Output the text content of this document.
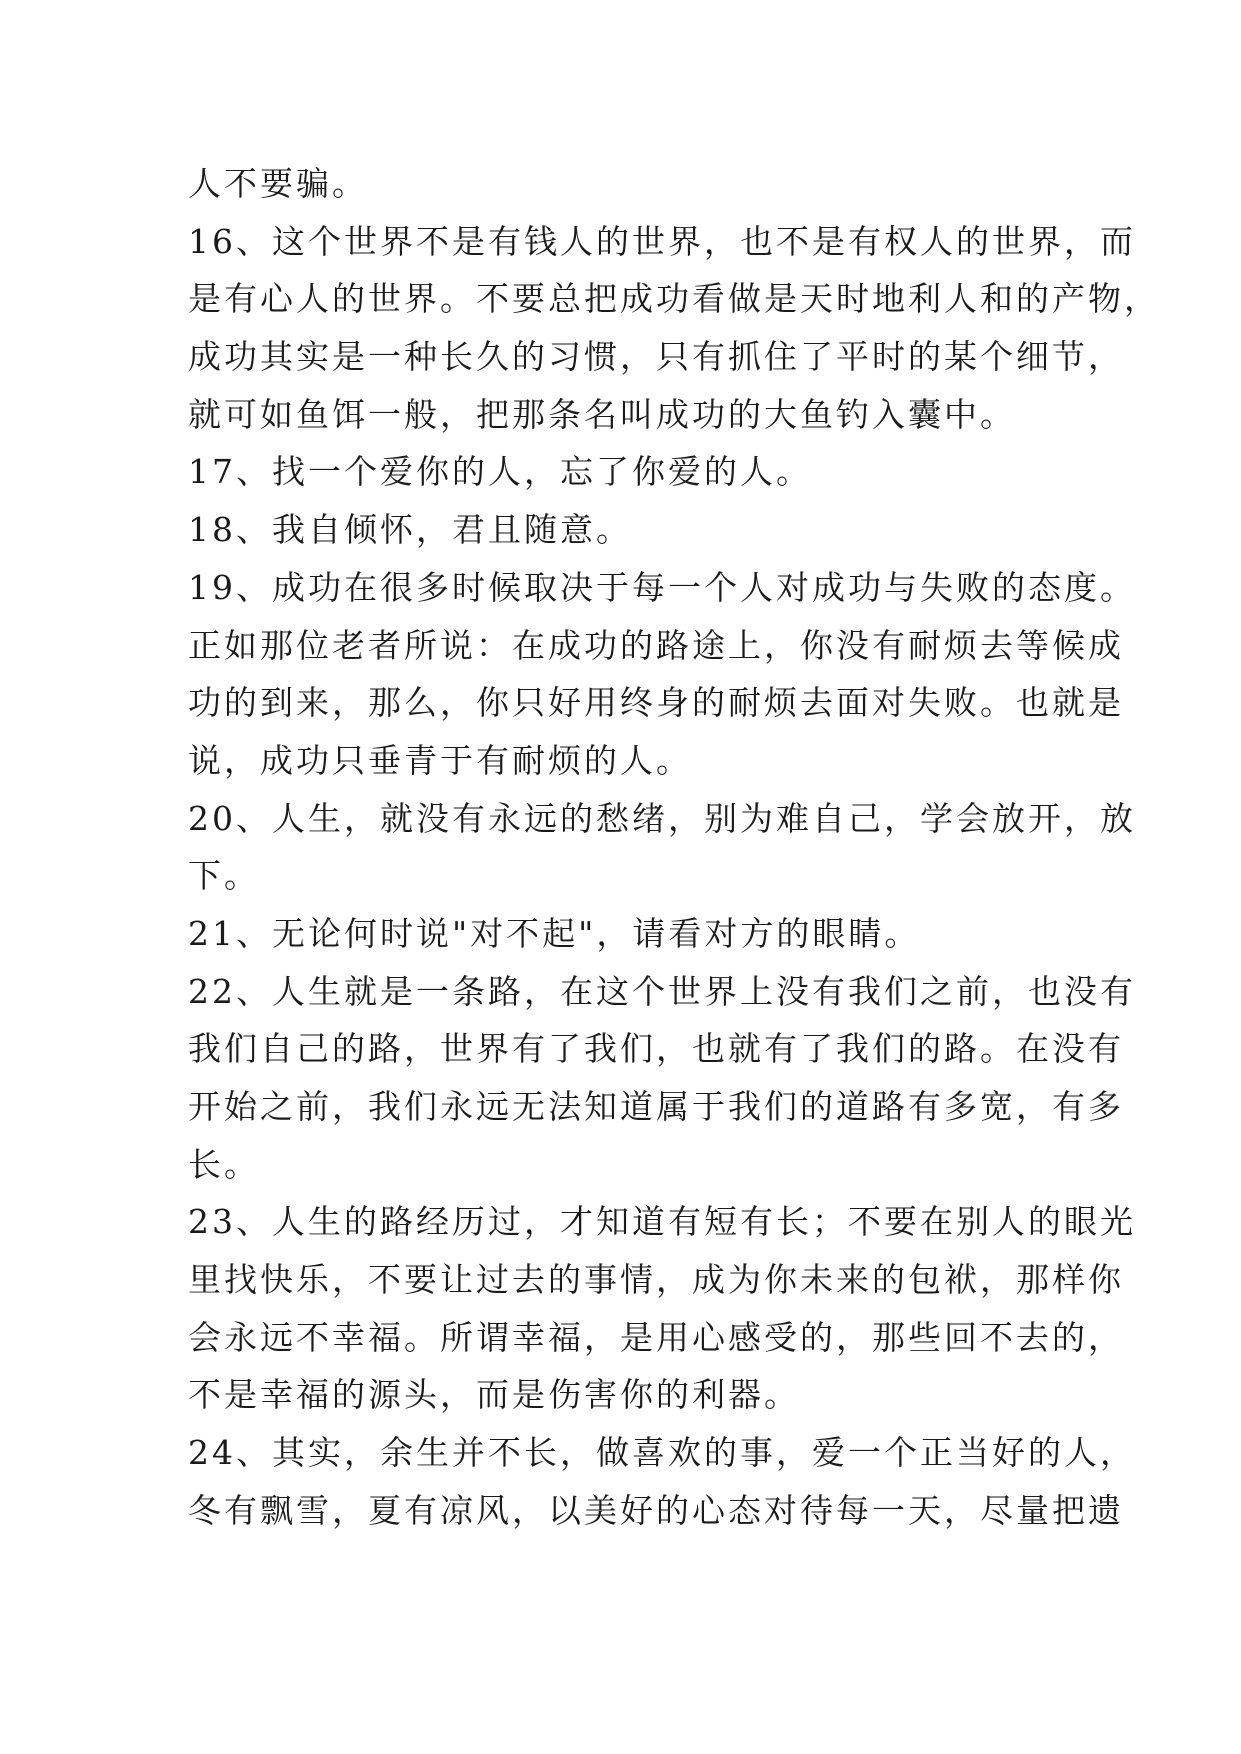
人不要骗。
16、这个世界不是有钱人的世界，也不是有权人的世界，而
是有心人的世界。不要总把成功看做是天时地利人和的产物，
成功其实是一种长久的习惯，只有抓住了平时的某个细节，
就可如鱼饵一般，把那条名叫成功的大鱼钓入囊中。
17、找一个爱你的人，忘了你爱的人。
18、我自倾怀，君且随意。
19、成功在很多时候取决于每一个人对成功与失败的态度。
正如那位老者所说：在成功的路途上，你没有耐烦去等候成
功的到来，那么，你只好用终身的耐烦去面对失败。也就是
说，成功只垂青于有耐烦的人。
20、人生，就没有永远的愁绪，别为难自己，学会放开，放
下。
21、无论何时说"对不起"，请看对方的眼睛。
22、人生就是一条路，在这个世界上没有我们之前，也没有
我们自己的路，世界有了我们，也就有了我们的路。在没有
开始之前，我们永远无法知道属于我们的道路有多宽，有多
长。
23、人生的路经历过，才知道有短有长；不要在别人的眼光
里找快乐，不要让过去的事情，成为你未来的包袱，那样你
会永远不幸福。所谓幸福，是用心感受的，那些回不去的，
不是幸福的源头，而是伤害你的利器。
24、其实，余生并不长，做喜欢的事，爱一个正当好的人，
冬有飘雪，夏有凉风，以美好的心态对待每一天，尽量把遗
